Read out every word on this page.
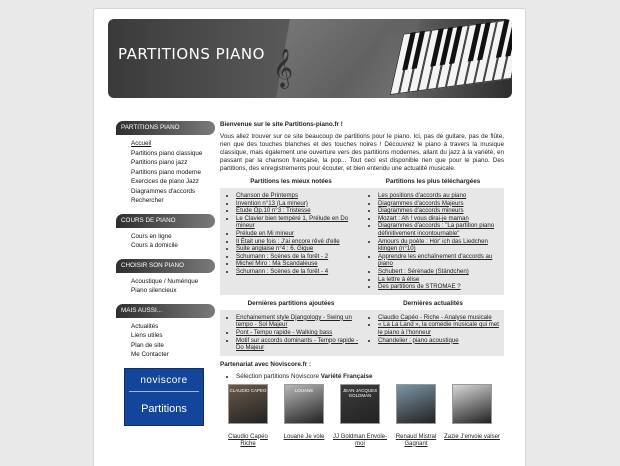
𝄞
PARTITIONS PIANO
PARTITIONS PIANO
Accueil
Partitions piano classique
Partitions piano jazz
Partitions piano moderne
Exercices de piano Jazz
Diagrammes d'accords
Rechercher
COURS DE PIANO
Cours en ligne
Cours à domicile
CHOISIR SON PIANO
Acoustique / Numérique
Piano silencieux
MAIS AUSSI...
Actualités
Liens utiles
Plan de site
Me Contacter
noviscore
Partitions
Bienvenue sur le site Partitions-piano.fr !
Vous allez trouver sur ce site beaucoup de partitions pour le piano. Ici, pas de guitare, pas de flûte, rien que des touches blanches et des touches noires ! Découvrez le piano à travers la musique classique, mais également une ouverture vers des partitions modernes, allant du jazz à la variété, en passant par la chanson française, la pop... Tout ceci est disponible rien que pour le piano. Des partitions, des enregistrements pour écouter, et bien entendu une actualité musicale.
Partitions les mieux notées
• Chanson de Printemps
• Invention n°13 (La mineur)
• Etude Op.10 n°3 : Tristesse
• Le Clavier bien tempéré 1, Prélude en Do mineur
• Prélude en Mi mineur
• Il Était une fois : J'ai encore rêvé d'elle
• Suite anglaise n°4 : 6. Gigue
• Schumann : Scènes de la forêt - 2
• Michel Miro : Ma Scandaleuse
• Schumann : Scènes de la forêt - 4
Partitions les plus téléchargées
• Les positions d'accords au piano
• Diagrammes d'accords Majeurs
• Diagrammes d'accords mineurs
• Mozart : Ah ! vous dirai-je maman
• Diagrammes d'accords : "La partition piano définitivement incontournable"
• Amours du poète : Hör' ich das Liedchen klingen (n°10)
• Apprendre les enchaînement d'accords au piano
• Schubert : Sérénade (Ständchen)
• La lettre à élise
• Des partitions de STROMAE ?
Dernières partitions ajoutées
• Enchainement style Djangology - Swing un tempo - Sol Majeur
• Pont - Tempo rapide - Walking bass
• Motif sur accords dominants - Tempo rapide - Do Majeur
Dernières actualités
• Claudio Capéo - Riche - Analyse musicale
• « La La Land », la comédie musicale qui met le piano à l'honneur
• Chandelier : piano acoustique
Partenariat avec Noviscore.fr :
• Sélection partitions Noviscore Variété Française
CLAUDIO CAPEO
Claudio Capéo Riche
LOUANE
Louane Je vole
JEAN-JACQUES GOLDMAN
JJ Goldman Envole-moi
Renaud Mistral Gagnant
Zazie J'envoie valser
